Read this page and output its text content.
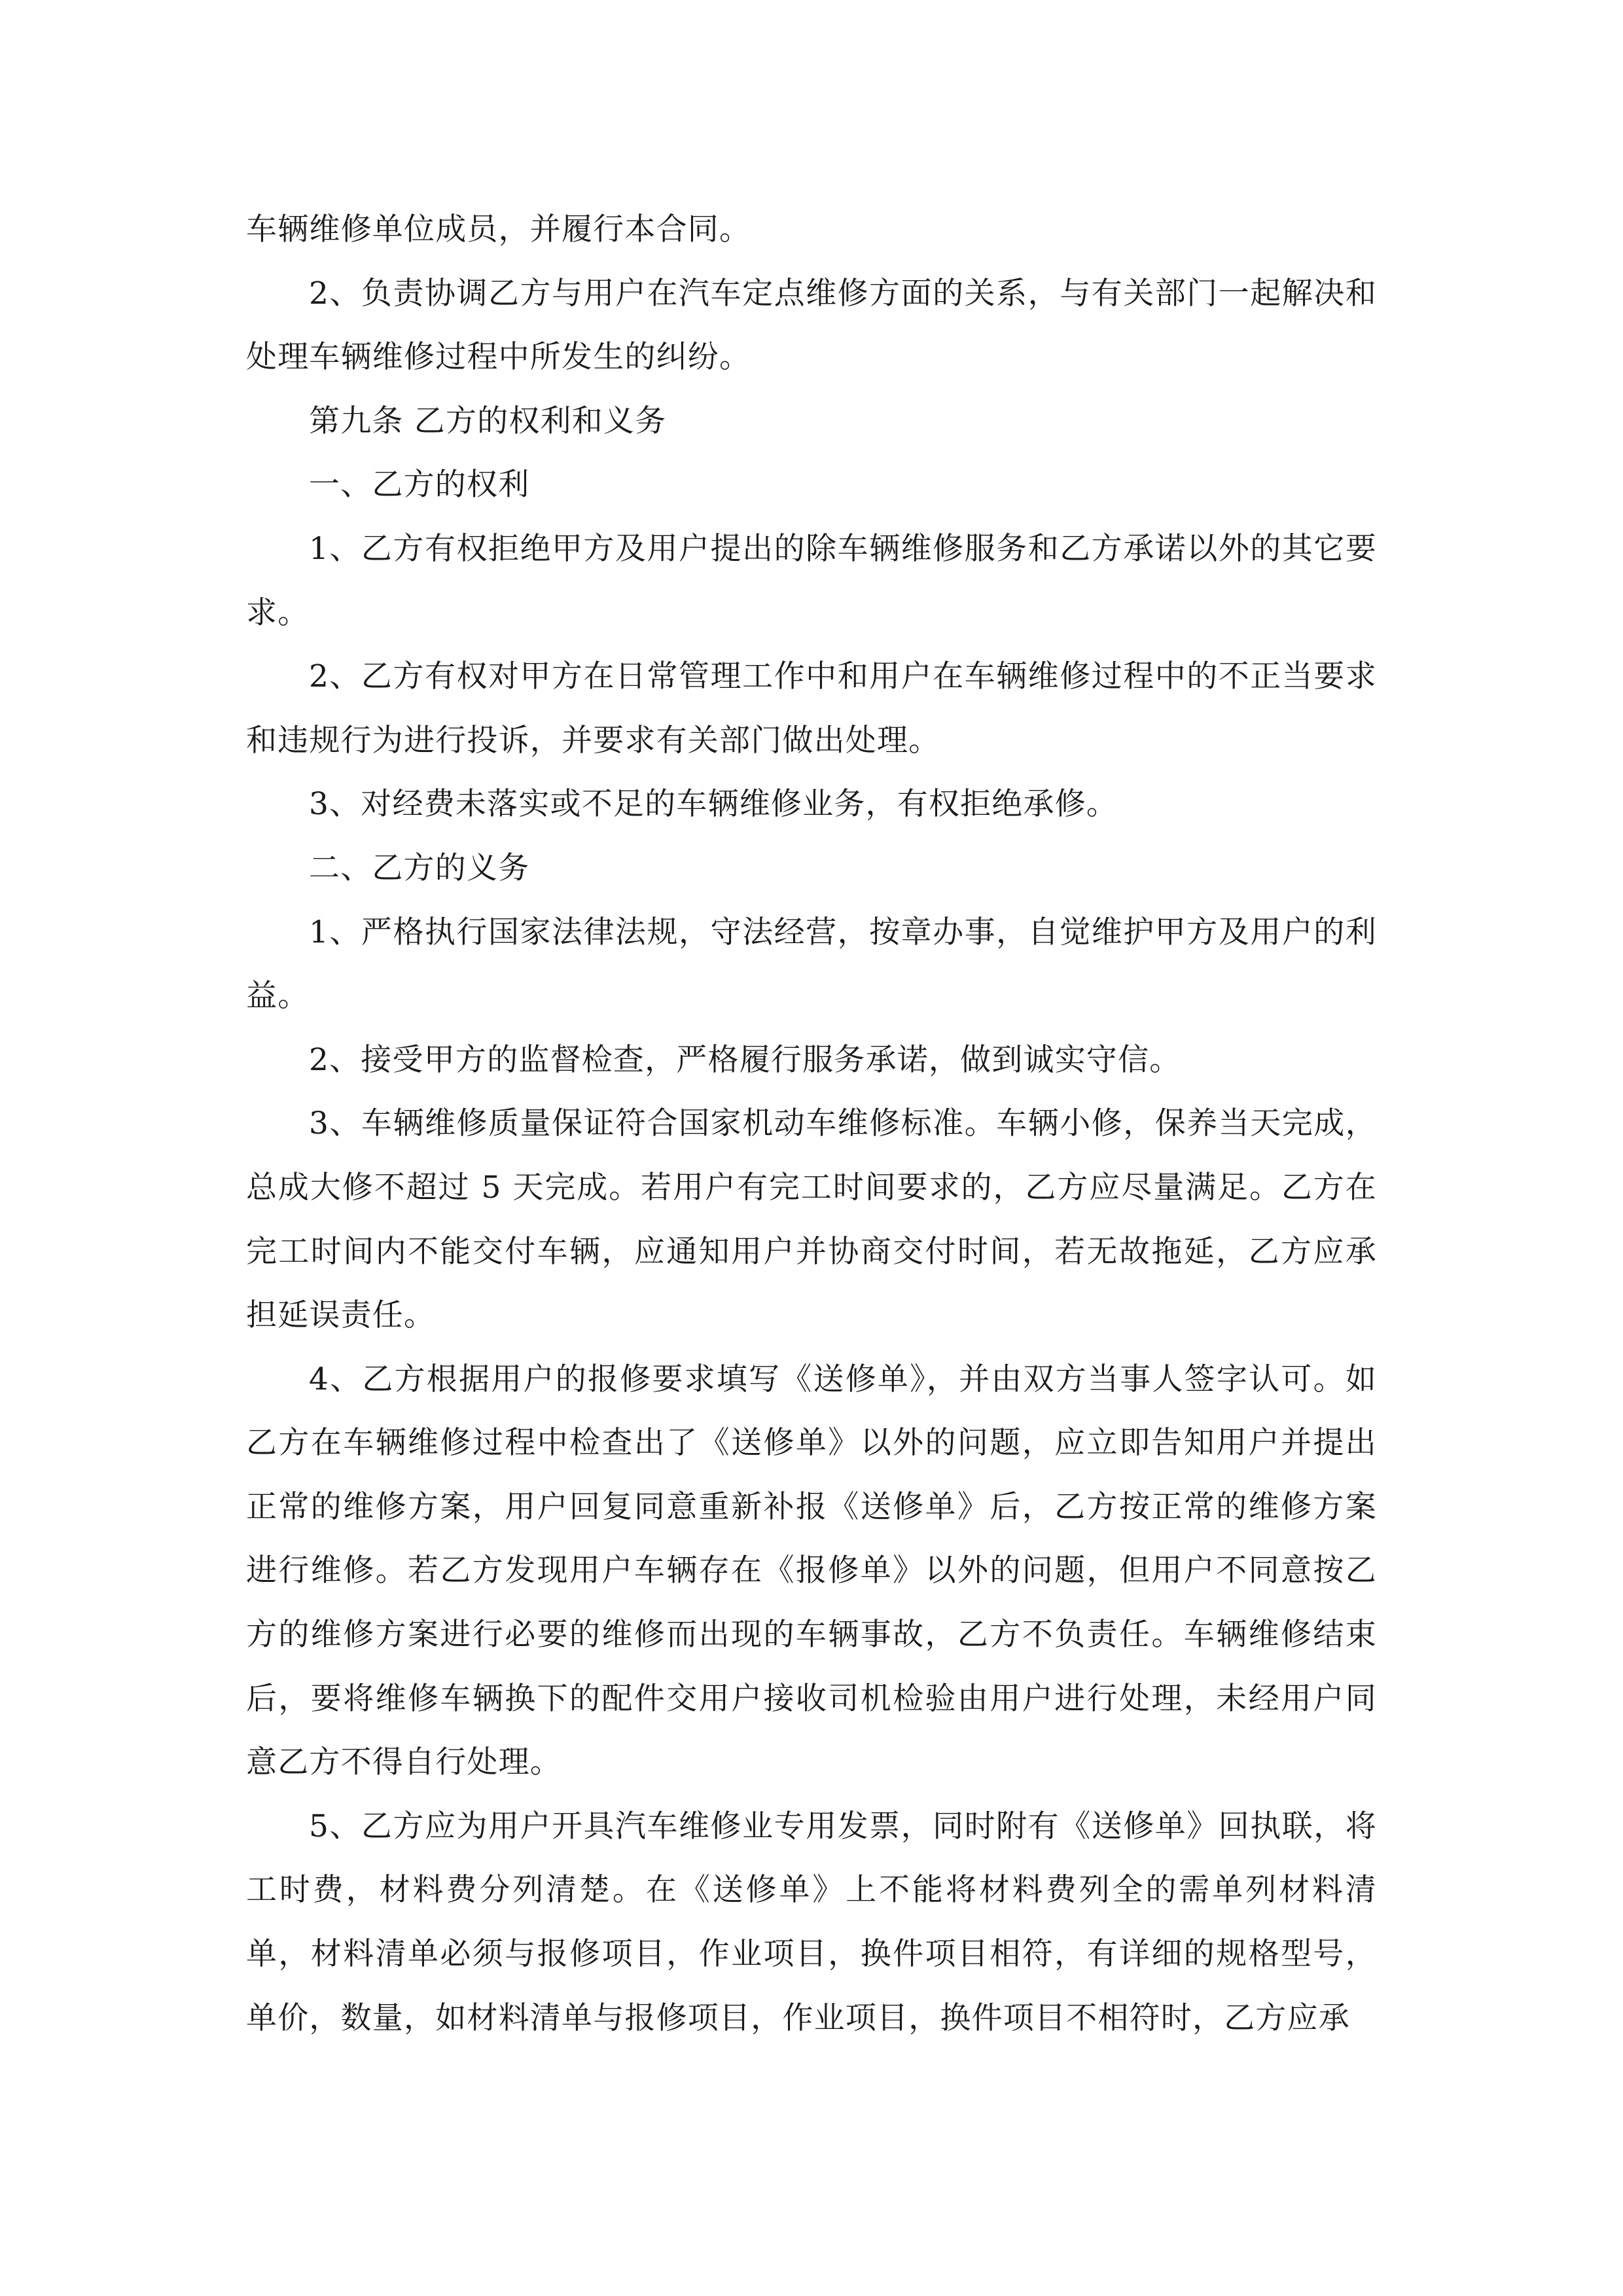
车辆维修单位成员，并履行本合同。

2、负责协调乙方与用户在汽车定点维修方面的关系，与有关部门一起解决和处理车辆维修过程中所发生的纠纷。

第九条 乙方的权利和义务

一、乙方的权利

1、乙方有权拒绝甲方及用户提出的除车辆维修服务和乙方承诺以外的其它要求。

2、乙方有权对甲方在日常管理工作中和用户在车辆维修过程中的不正当要求和违规行为进行投诉，并要求有关部门做出处理。

3、对经费未落实或不足的车辆维修业务，有权拒绝承修。

二、乙方的义务

1、严格执行国家法律法规，守法经营，按章办事，自觉维护甲方及用户的利益。

2、接受甲方的监督检查，严格履行服务承诺，做到诚实守信。

3、车辆维修质量保证符合国家机动车维修标准。车辆小修，保养当天完成，总成大修不超过 5 天完成。若用户有完工时间要求的，乙方应尽量满足。乙方在完工时间内不能交付车辆，应通知用户并协商交付时间，若无故拖延，乙方应承担延误责任。

4、乙方根据用户的报修要求填写《送修单》，并由双方当事人签字认可。如乙方在车辆维修过程中检查出了《送修单》以外的问题，应立即告知用户并提出正常的维修方案，用户回复同意重新补报《送修单》后，乙方按正常的维修方案进行维修。若乙方发现用户车辆存在《报修单》以外的问题，但用户不同意按乙方的维修方案进行必要的维修而出现的车辆事故，乙方不负责任。车辆维修结束后，要将维修车辆换下的配件交用户接收司机检验由用户进行处理，未经用户同意乙方不得自行处理。

5、乙方应为用户开具汽车维修业专用发票，同时附有《送修单》回执联，将工时费，材料费分列清楚。在《送修单》上不能将材料费列全的需单列材料清单，材料清单必须与报修项目，作业项目，换件项目相符，有详细的规格型号，单价，数量，如材料清单与报修项目，作业项目，换件项目不相符时，乙方应承
